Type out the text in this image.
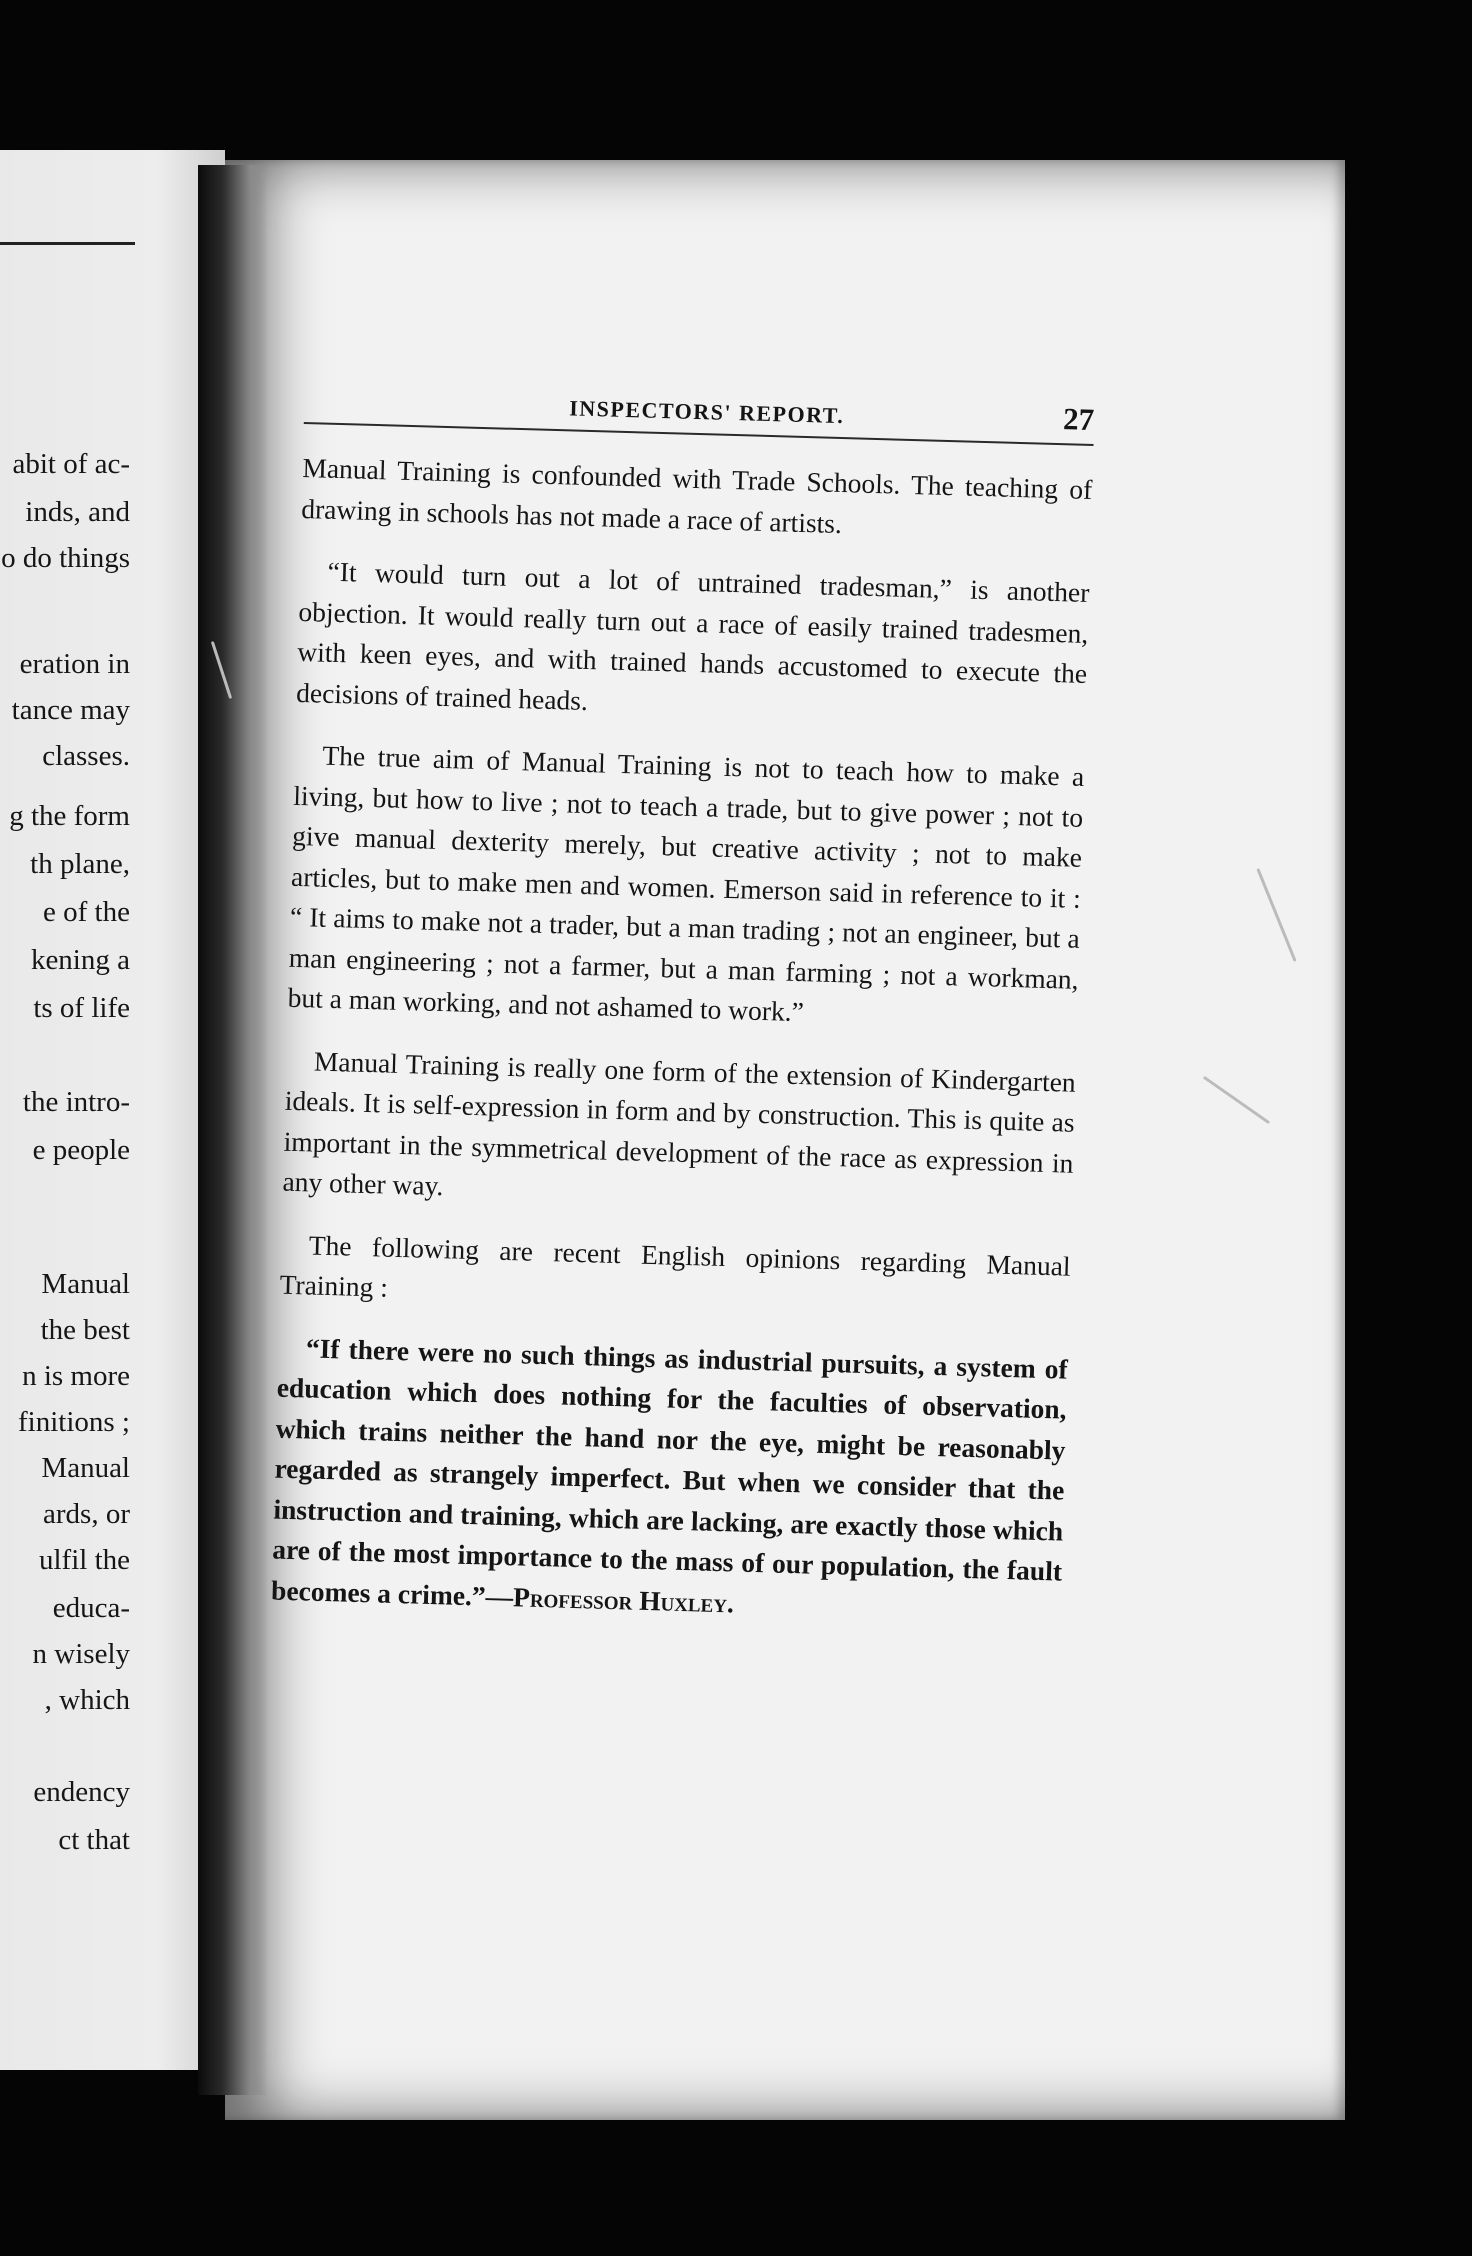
abit of ac-
inds, and
o do things
eration in
tance may
classes.
g the form
th plane,
e of the
kening a
ts of life
the intro-
e people
Manual
the best
n is more
finitions ;
Manual
ards, or
ulfil the
educa-
n wisely
, which
endency
ct that
INSPECTORS' REPORT.	27

Manual Training is confounded with Trade Schools. The teaching of drawing in schools has not made a race of artists.

“It would turn out a lot of untrained tradesman,” is another objection. It would really turn out a race of easily trained tradesmen, with keen eyes, and with trained hands accustomed to execute the decisions of trained heads.

The true aim of Manual Training is not to teach how to make a living, but how to live ; not to teach a trade, but to give power ; not to give manual dexterity merely, but creative activity ; not to make articles, but to make men and women. Emerson said in reference to it : “ It aims to make not a trader, but a man trading ; not an engineer, but a man engineering ; not a farmer, but a man farming ; not a workman, but a man working, and not ashamed to work.”

Manual Training is really one form of the extension of Kindergarten ideals. It is self-expression in form and by construction. This is quite as important in the symmetrical development of the race as expression in any other way.

The following are recent English opinions regarding Manual Training :

“If there were no such things as industrial pursuits, a system of education which does nothing for the faculties of observation, which trains neither the hand nor the eye, might be reasonably regarded as strangely imperfect. But when we consider that the instruction and training, which are lacking, are exactly those which are of the most importance to the mass of our population, the fault becomes a crime.”—Professor Huxley.
